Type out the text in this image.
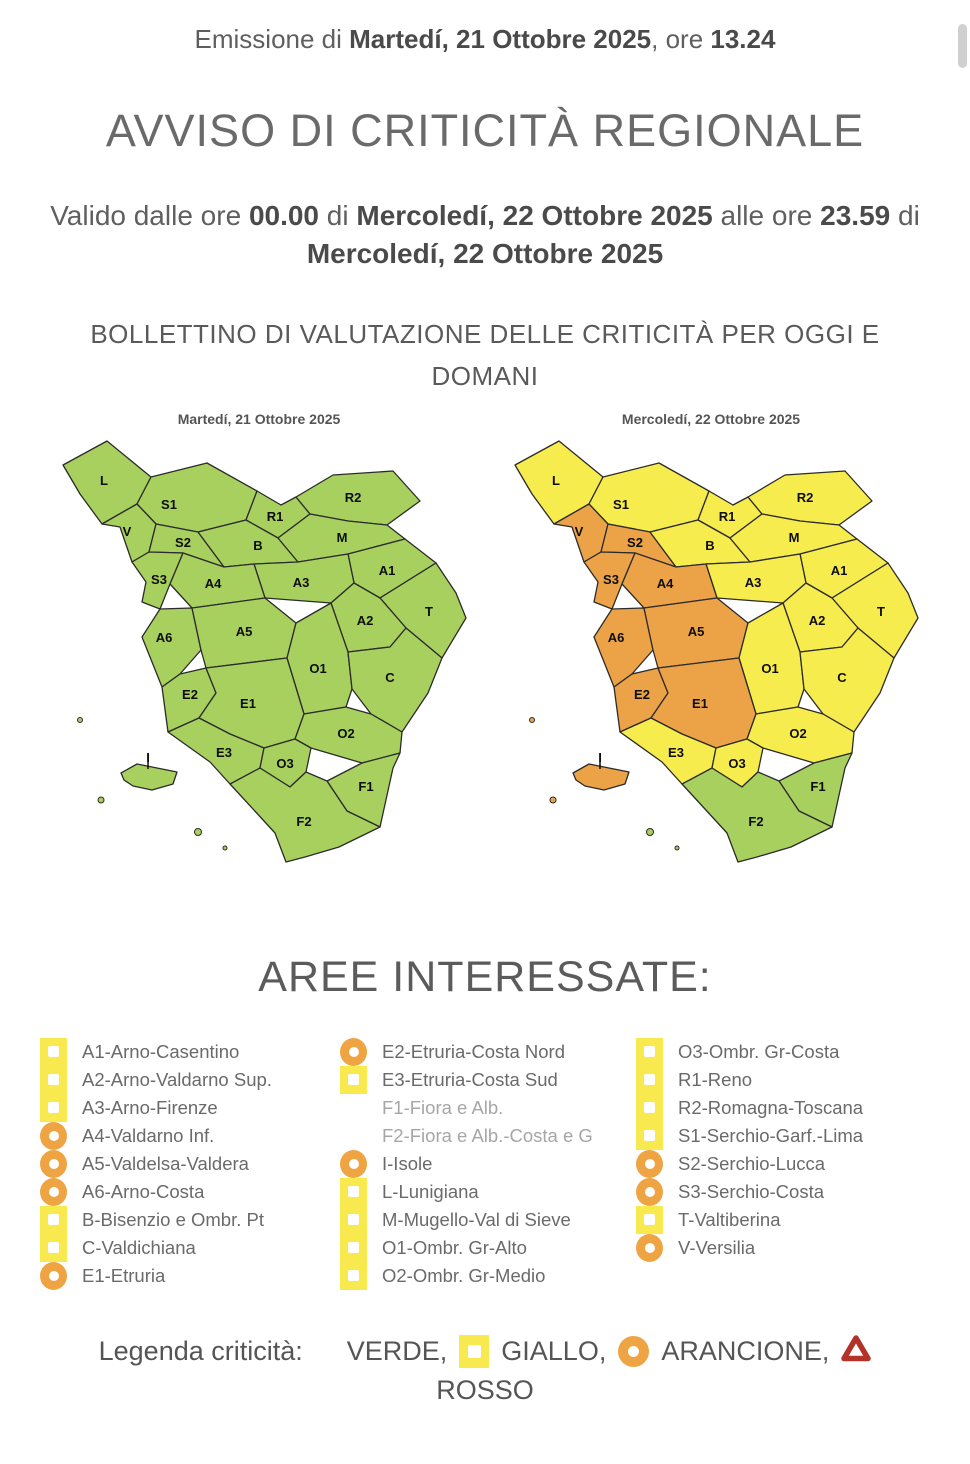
Emissione di Martedí, 21 Ottobre 2025, ore 13.24
AVVISO DI CRITICITÀ REGIONALE
Valido dalle ore 00.00 di Mercoledí, 22 Ottobre 2025 alle ore 23.59 di Mercoledí, 22 Ottobre 2025
BOLLETTINO DI VALUTAZIONE DELLE CRITICITÀ PER OGGI E DOMANI
Martedí, 21 Ottobre 2025
L
S1
V
S2
S3
R1
R2
B
M
A1
T
A3
A2
A4
A6	A5
O1
C
E2
E1
O2
E3
O3
F1
F2
I
Mercoledí, 22 Ottobre 2025
L
S1
V
S2
S3
R1
R2
B
M
A1
T
A3
A2
A4
A6	A5
O1
C
E2
E1
O2
E3
O3
F1
F2
I
AREE INTERESSATE:
A1-Arno-Casentino
A2-Arno-Valdarno Sup.
A3-Arno-Firenze
A4-Valdarno Inf.
A5-Valdelsa-Valdera
A6-Arno-Costa
B-Bisenzio e Ombr. Pt
C-Valdichiana
E1-Etruria
E2-Etruria-Costa Nord
E3-Etruria-Costa Sud
F1-Fiora e Alb.
F2-Fiora e Alb.-Costa e G
I-Isole
L-Lunigiana
M-Mugello-Val di Sieve
O1-Ombr. Gr-Alto
O2-Ombr. Gr-Medio
O3-Ombr. Gr-Costa
R1-Reno
R2-Romagna-Toscana
S1-Serchio-Garf.-Lima
S2-Serchio-Lucca
S3-Serchio-Costa
T-Valtiberina
V-Versilia
Legenda criticità: VERDE, GIALLO, ARANCIONE,
ROSSO
